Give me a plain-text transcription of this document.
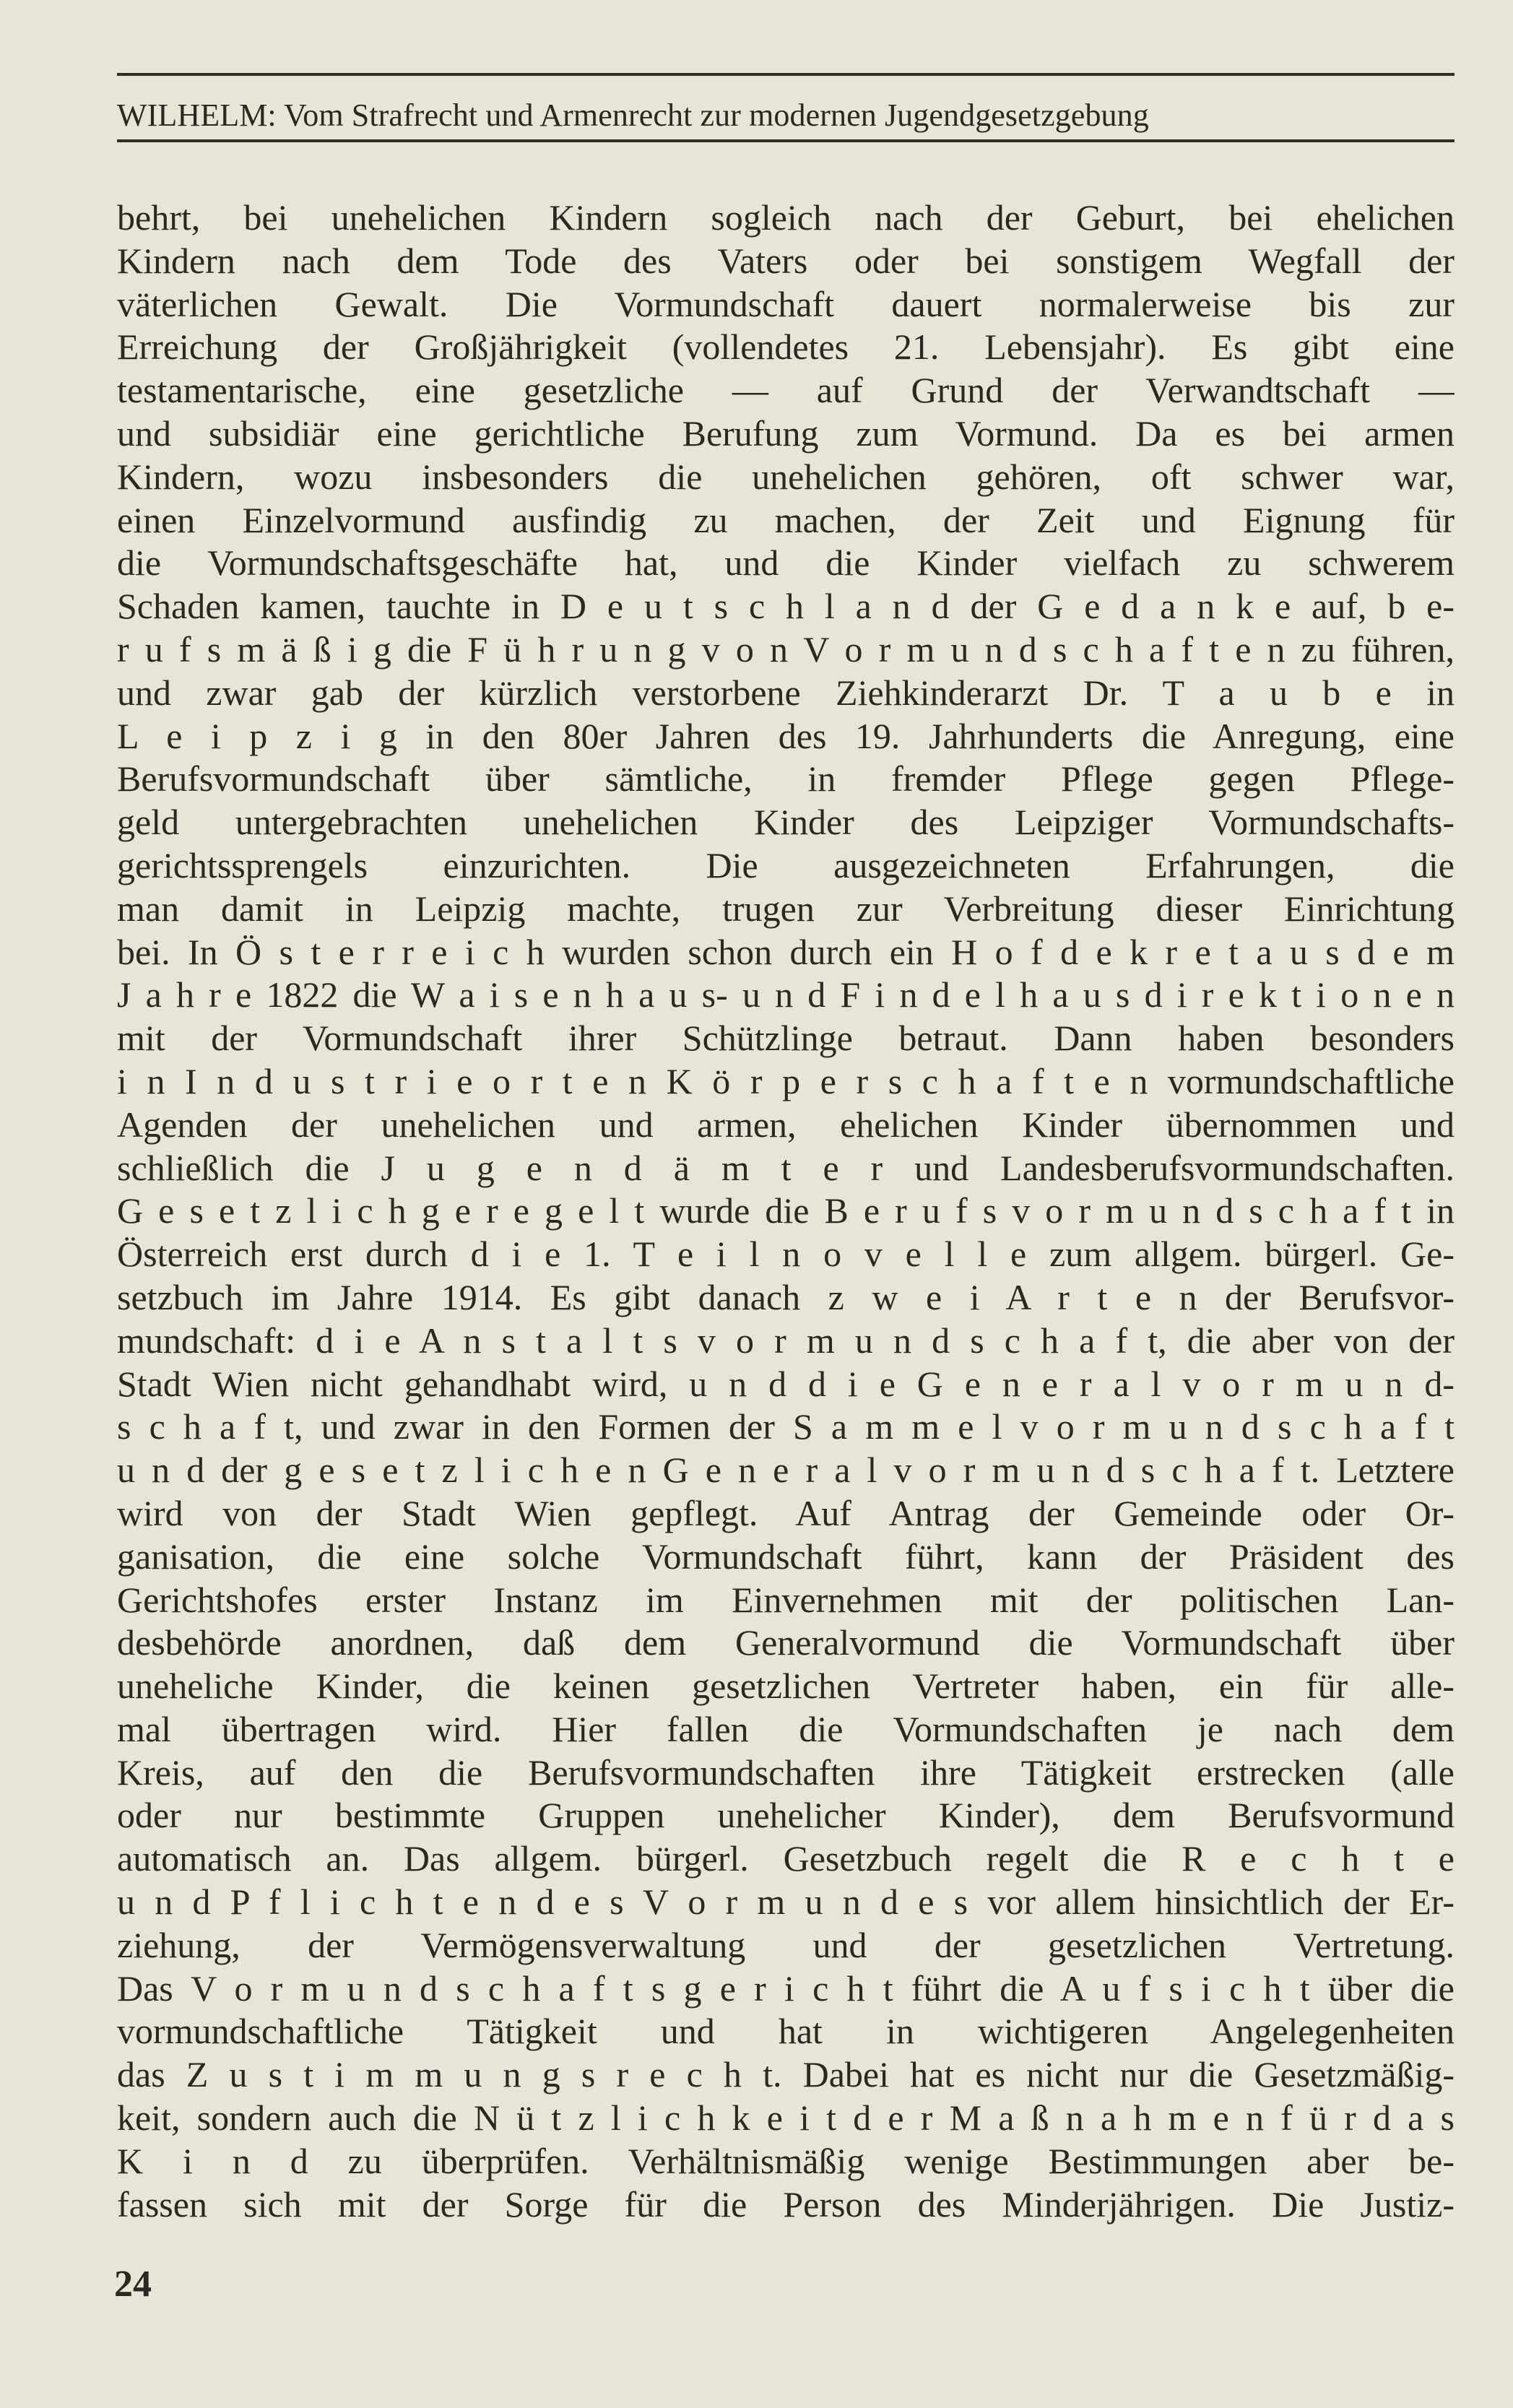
WILHELM: Vom Strafrecht und Armenrecht zur modernen Jugendgesetzgebung
behrt, bei unehelichen Kindern sogleich nach der Geburt, bei ehelichen
Kindern nach dem Tode des Vaters oder bei sonstigem Wegfall der
väterlichen Gewalt. Die Vormundschaft dauert normalerweise bis zur
Erreichung der Großjährigkeit (vollendetes 21. Lebensjahr). Es gibt eine
testamentarische, eine gesetzliche — auf Grund der Verwandtschaft —
und subsidiär eine gerichtliche Berufung zum Vormund. Da es bei armen
Kindern, wozu insbesonders die unehelichen gehören, oft schwer war,
einen Einzelvormund ausfindig zu machen, der Zeit und Eignung für
die Vormundschaftsgeschäfte hat, und die Kinder vielfach zu schwerem
Schaden kamen, tauchte in D e u t s c h l a n d der G e d a n k e auf, b e-
r u f s m ä ß i g die F ü h r u n g v o n V o r m u n d s c h a f t e n zu führen,
und zwar gab der kürzlich verstorbene Ziehkinderarzt Dr. T a u b e in
L e i p z i g in den 80er Jahren des 19. Jahrhunderts die Anregung, eine
Berufsvormundschaft über sämtliche, in fremder Pflege gegen Pflege-
geld untergebrachten unehelichen Kinder des Leipziger Vormundschafts-
gerichtssprengels einzurichten. Die ausgezeichneten Erfahrungen, die
man damit in Leipzig machte, trugen zur Verbreitung dieser Einrichtung
bei. In Ö s t e r r e i c h wurden schon durch ein H o f d e k r e t a u s d e m
J a h r e 1822 die W a i s e n h a u s- u n d F i n d e l h a u s d i r e k t i o n e n
mit der Vormundschaft ihrer Schützlinge betraut. Dann haben besonders
i n I n d u s t r i e o r t e n K ö r p e r s c h a f t e n vormundschaftliche
Agenden der unehelichen und armen, ehelichen Kinder übernommen und
schließlich die J u g e n d ä m t e r und Landesberufsvormundschaften.
G e s e t z l i c h g e r e g e l t wurde die B e r u f s v o r m u n d s c h a f t in
Österreich erst durch d i e 1. T e i l n o v e l l e zum allgem. bürgerl. Ge-
setzbuch im Jahre 1914. Es gibt danach z w e i A r t e n der Berufsvor-
mundschaft: d i e A n s t a l t s v o r m u n d s c h a f t, die aber von der
Stadt Wien nicht gehandhabt wird, u n d d i e G e n e r a l v o r m u n d-
s c h a f t, und zwar in den Formen der S a m m e l v o r m u n d s c h a f t
u n d der g e s e t z l i c h e n G e n e r a l v o r m u n d s c h a f t. Letztere
wird von der Stadt Wien gepflegt. Auf Antrag der Gemeinde oder Or-
ganisation, die eine solche Vormundschaft führt, kann der Präsident des
Gerichtshofes erster Instanz im Einvernehmen mit der politischen Lan-
desbehörde anordnen, daß dem Generalvormund die Vormundschaft über
uneheliche Kinder, die keinen gesetzlichen Vertreter haben, ein für alle-
mal übertragen wird. Hier fallen die Vormundschaften je nach dem
Kreis, auf den die Berufsvormundschaften ihre Tätigkeit erstrecken (alle
oder nur bestimmte Gruppen unehelicher Kinder), dem Berufsvormund
automatisch an. Das allgem. bürgerl. Gesetzbuch regelt die R e c h t e
u n d P f l i c h t e n d e s V o r m u n d e s vor allem hinsichtlich der Er-
ziehung, der Vermögensverwaltung und der gesetzlichen Vertretung.
Das V o r m u n d s c h a f t s g e r i c h t führt die A u f s i c h t über die
vormundschaftliche Tätigkeit und hat in wichtigeren Angelegenheiten
das Z u s t i m m u n g s r e c h t. Dabei hat es nicht nur die Gesetzmäßig-
keit, sondern auch die N ü t z l i c h k e i t d e r M a ß n a h m e n f ü r d a s
K i n d zu überprüfen. Verhältnismäßig wenige Bestimmungen aber be-
fassen sich mit der Sorge für die Person des Minderjährigen. Die Justiz-
24
